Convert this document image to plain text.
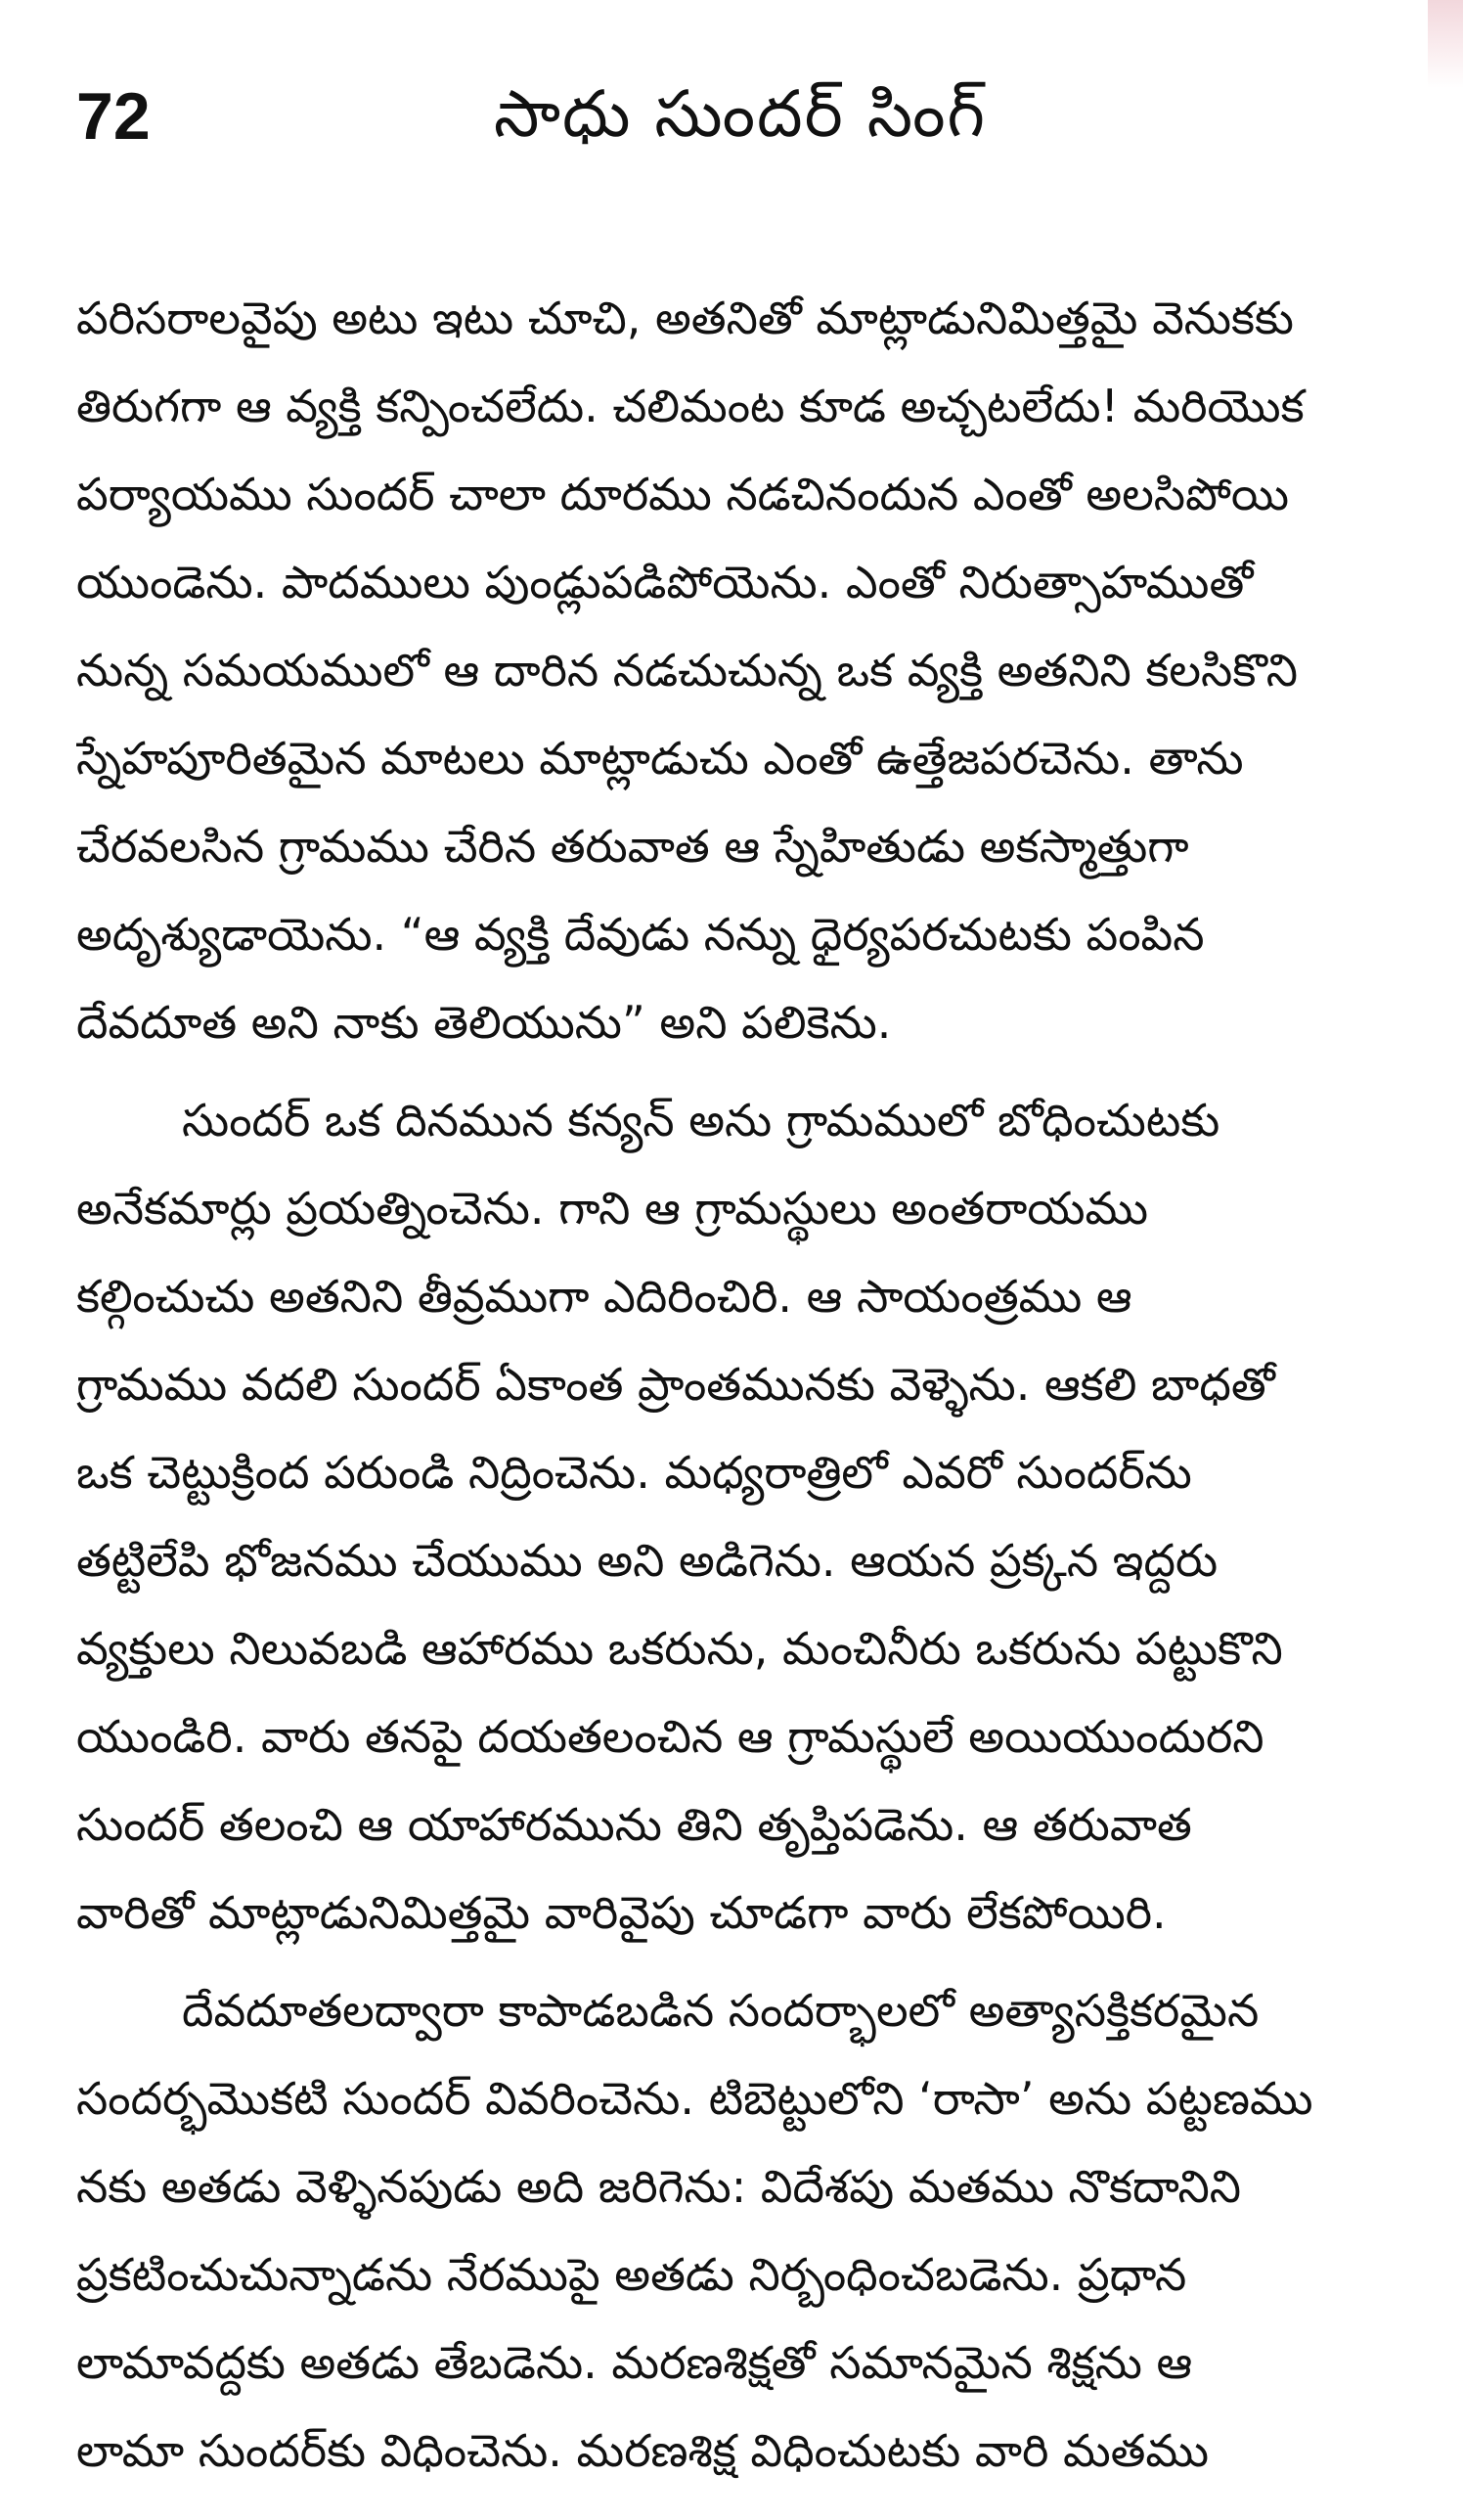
72	సాధు సుందర్ సింగ్
పరిసరాలవైపు అటు ఇటు చూచి, అతనితో మాట్లాడునిమిత్తమై వెనుకకు
తిరుగగా ఆ వ్యక్తి కన్పించలేదు. చలిమంట కూడ అచ్చటలేదు! మరియొక
పర్యాయము సుందర్ చాలా దూరము నడచినందున ఎంతో అలసిపోయి
యుండెను. పాదములు పుండ్లుపడిపోయెను. ఎంతో నిరుత్సాహముతో
నున్న సమయములో ఆ దారిన నడచుచున్న ఒక వ్యక్తి అతనిని కలసికొని
స్నేహపూరితమైన మాటలు మాట్లాడుచు ఎంతో ఉత్తేజపరచెను. తాను
చేరవలసిన గ్రామము చేరిన తరువాత ఆ స్నేహితుడు అకస్మాత్తుగా
అదృశ్యుడాయెను. “ఆ వ్యక్తి దేవుడు నన్ను ధైర్యపరచుటకు పంపిన
దేవదూత అని నాకు తెలియును” అని పలికెను.
సుందర్ ఒక దినమున కన్యన్ అను గ్రామములో బోధించుటకు
అనేకమార్లు ప్రయత్నించెను. గాని ఆ గ్రామస్థులు అంతరాయము
కల్గించుచు అతనిని తీవ్రముగా ఎదిరించిరి. ఆ సాయంత్రము ఆ
గ్రామము వదలి సుందర్ ఏకాంత ప్రాంతమునకు వెళ్ళెను. ఆకలి బాధతో
ఒక చెట్టుక్రింద పరుండి నిద్రించెను. మధ్యరాత్రిలో ఎవరో సుందర్‌ను
తట్టిలేపి భోజనము చేయుము అని అడిగెను. ఆయన ప్రక్కన ఇద్దరు
వ్యక్తులు నిలువబడి ఆహారము ఒకరును, మంచినీరు ఒకరును పట్టుకొని
యుండిరి. వారు తనపై దయతలంచిన ఆ గ్రామస్థులే అయియుందురని
సుందర్ తలంచి ఆ యాహారమును తిని తృప్తిపడెను. ఆ తరువాత
వారితో మాట్లాడునిమిత్తమై వారివైపు చూడగా వారు లేకపోయిరి.
దేవదూతలద్వారా కాపాడబడిన సందర్భాలలో అత్యాసక్తికరమైన
సందర్భమొకటి సుందర్ వివరించెను. టిబెట్టులోని ‘రాసా’ అను పట్టణము
నకు అతడు వెళ్ళినపుడు అది జరిగెను: విదేశపు మతము నొకదానిని
ప్రకటించుచున్నాడను నేరముపై అతడు నిర్బంధించబడెను. ప్రధాన
లామావద్దకు అతడు తేబడెను. మరణశిక్షతో సమానమైన శిక్షను ఆ
లామా సుందర్‌కు విధించెను. మరణశిక్ష విధించుటకు వారి మతము
